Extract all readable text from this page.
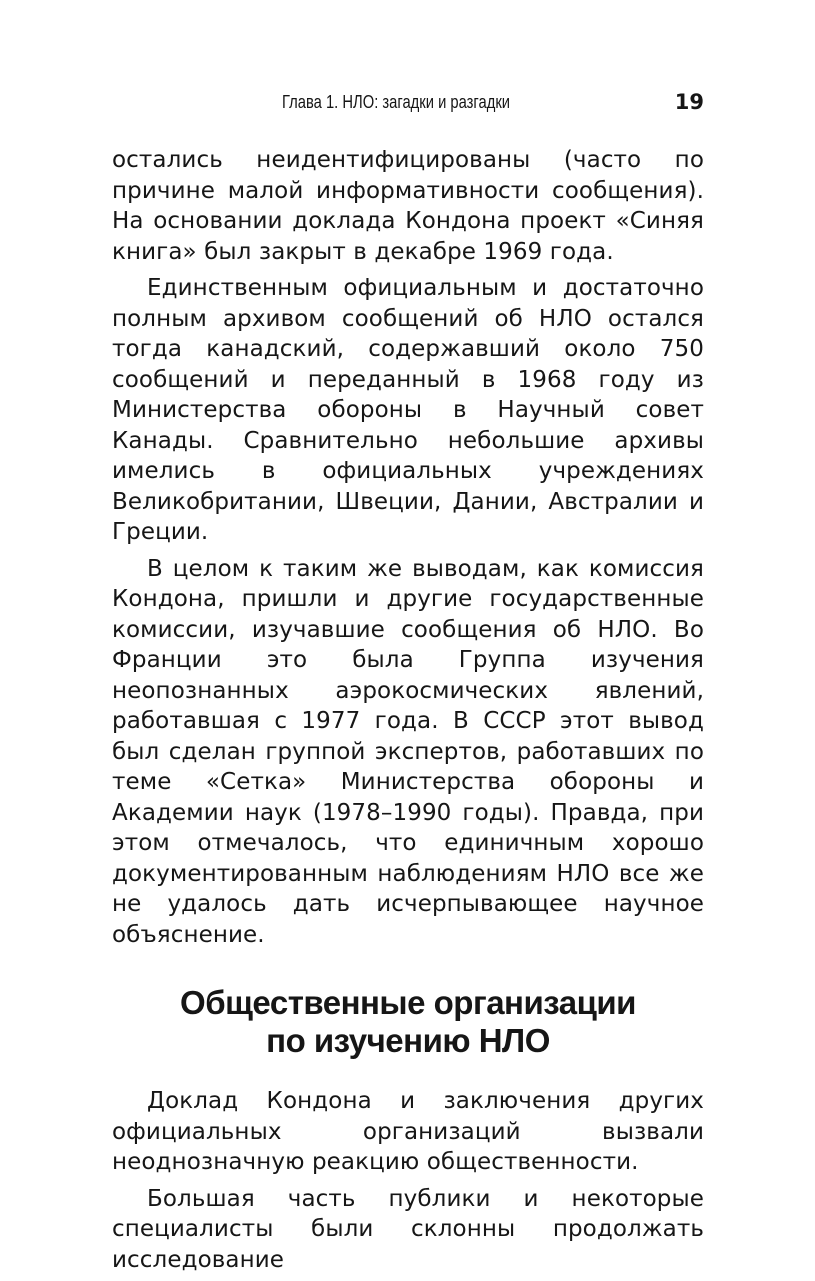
Глава 1. НЛО: загадки и разгадки	19

остались неидентифицированы (часто по причине малой информативности сообщения). На основании доклада Кондона проект «Синяя книга» был закрыт в декабре 1969 года.

Единственным официальным и достаточно полным архивом сообщений об НЛО остался тогда канадский, содержавший около 750 сообщений и переданный в 1968 году из Министерства обороны в Научный совет Канады. Сравнительно небольшие архивы имелись в официальных учреждениях Великобритании, Швеции, Дании, Австралии и Греции.

В целом к таким же выводам, как комиссия Кондона, пришли и другие государственные комиссии, изучавшие сообщения об НЛО. Во Франции это была Группа изучения неопознанных аэрокосмических явлений, работавшая с 1977 года. В СССР этот вывод был сделан группой экспертов, работавших по теме «Сетка» Министерства обороны и Академии наук (1978–1990 годы). Правда, при этом отмечалось, что единичным хорошо документированным наблюдениям НЛО все же не удалось дать исчерпывающее научное объяснение.

Общественные организации
по изучению НЛО

Доклад Кондона и заключения других официальных организаций вызвали неоднозначную реакцию общественности.

Большая часть публики и некоторые специалисты были склонны продолжать исследование
